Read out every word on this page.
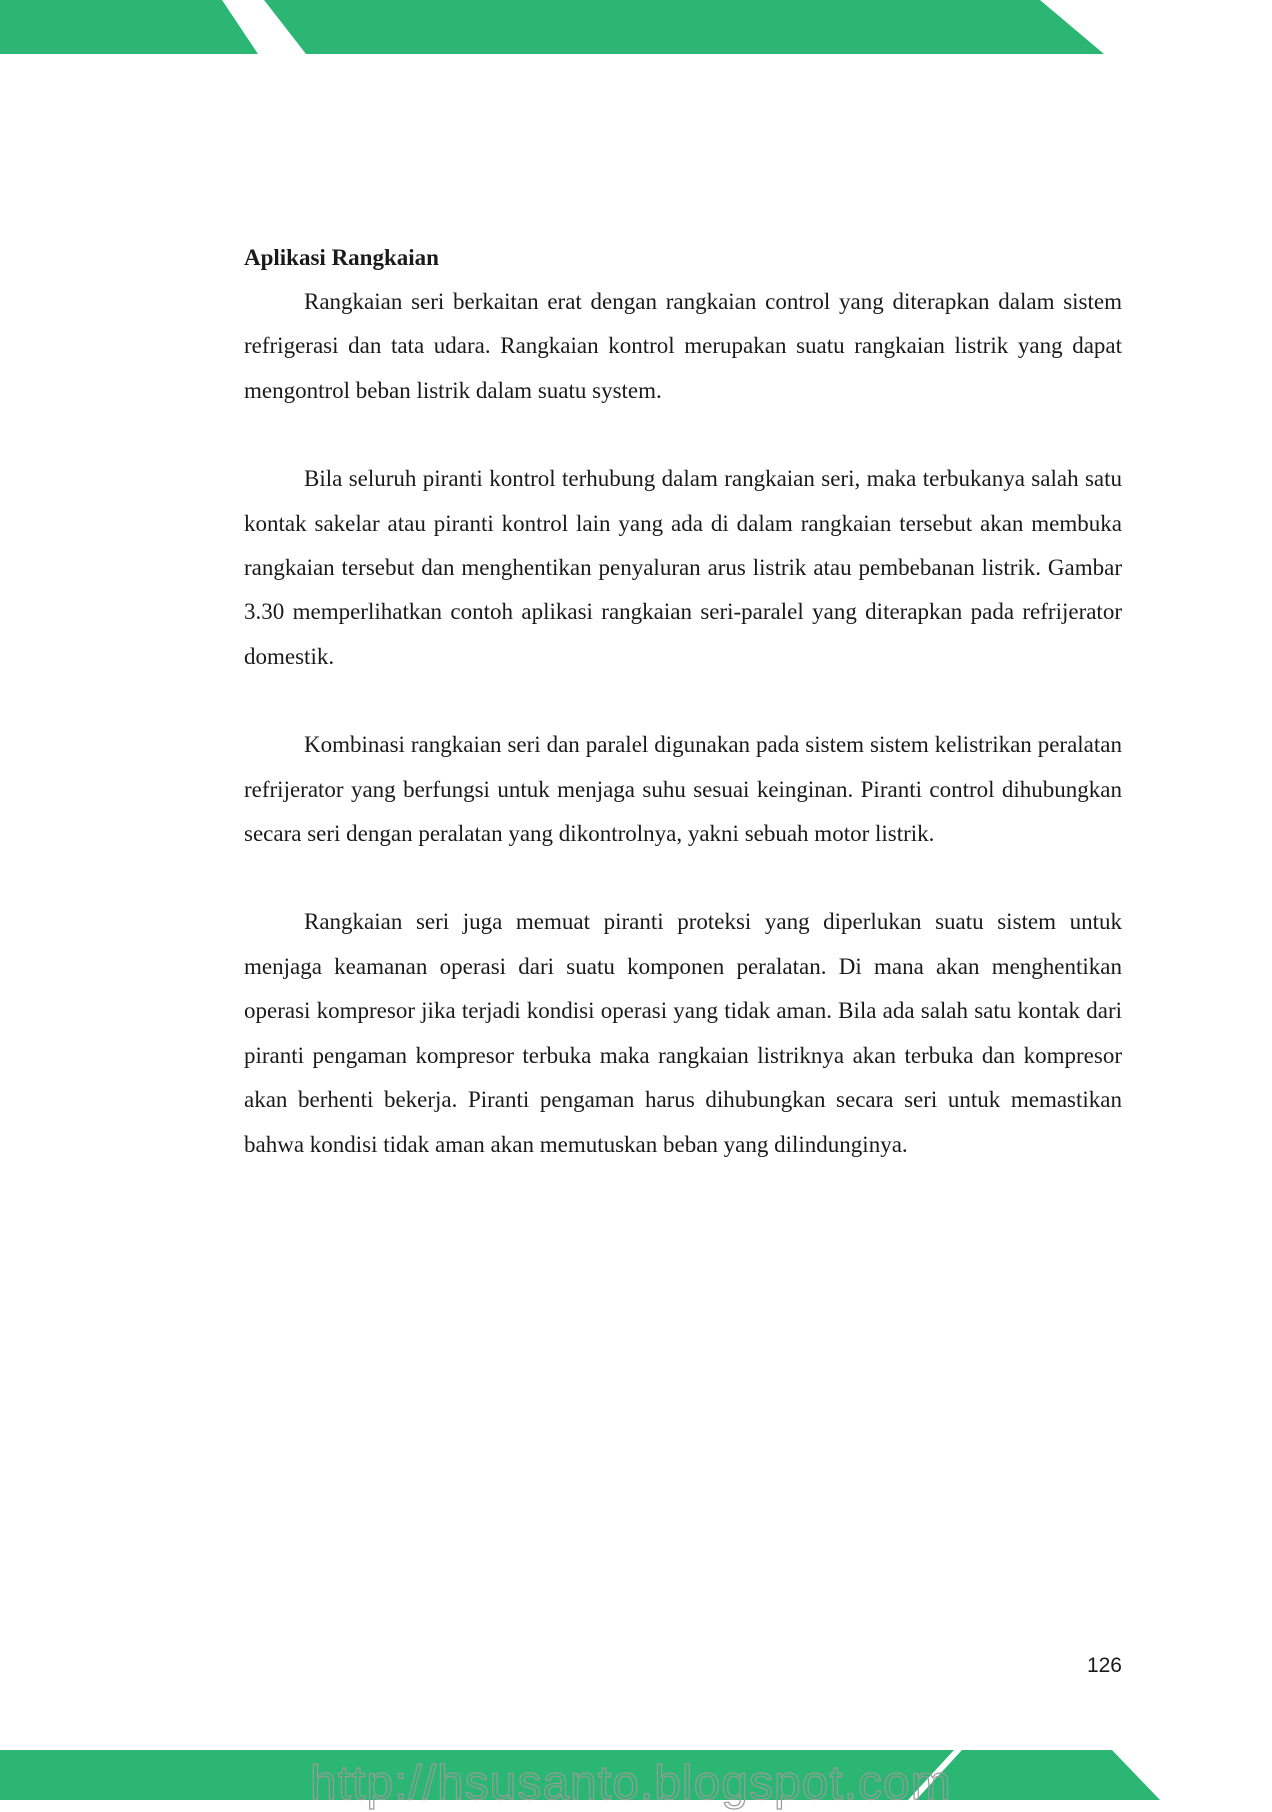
Aplikasi Rangkaian

Rangkaian seri berkaitan erat dengan rangkaian control yang diterapkan dalam sistem refrigerasi dan tata udara. Rangkaian kontrol merupakan suatu rangkaian listrik yang dapat mengontrol beban listrik dalam suatu system.

Bila seluruh piranti kontrol terhubung dalam rangkaian seri, maka terbukanya salah satu kontak sakelar atau piranti kontrol lain yang ada di dalam rangkaian tersebut akan membuka rangkaian tersebut dan menghentikan penyaluran arus listrik atau pembebanan listrik. Gambar 3.30 memperlihatkan contoh aplikasi rangkaian seri-paralel yang diterapkan pada refrijerator domestik.

Kombinasi rangkaian seri dan paralel digunakan pada sistem sistem kelistrikan peralatan refrijerator yang berfungsi untuk menjaga suhu sesuai keinginan. Piranti control dihubungkan secara seri dengan peralatan yang dikontrolnya, yakni sebuah motor listrik.

Rangkaian seri juga memuat piranti proteksi yang diperlukan suatu sistem untuk menjaga keamanan operasi dari suatu komponen peralatan. Di mana akan menghentikan operasi kompresor jika terjadi kondisi operasi yang tidak aman. Bila ada salah satu kontak dari piranti pengaman kompresor terbuka maka rangkaian listriknya akan terbuka dan kompresor akan berhenti bekerja. Piranti pengaman harus dihubungkan secara seri untuk memastikan bahwa kondisi tidak aman akan memutuskan beban yang dilindunginya.

126
http://hsusanto.blogspot.com
